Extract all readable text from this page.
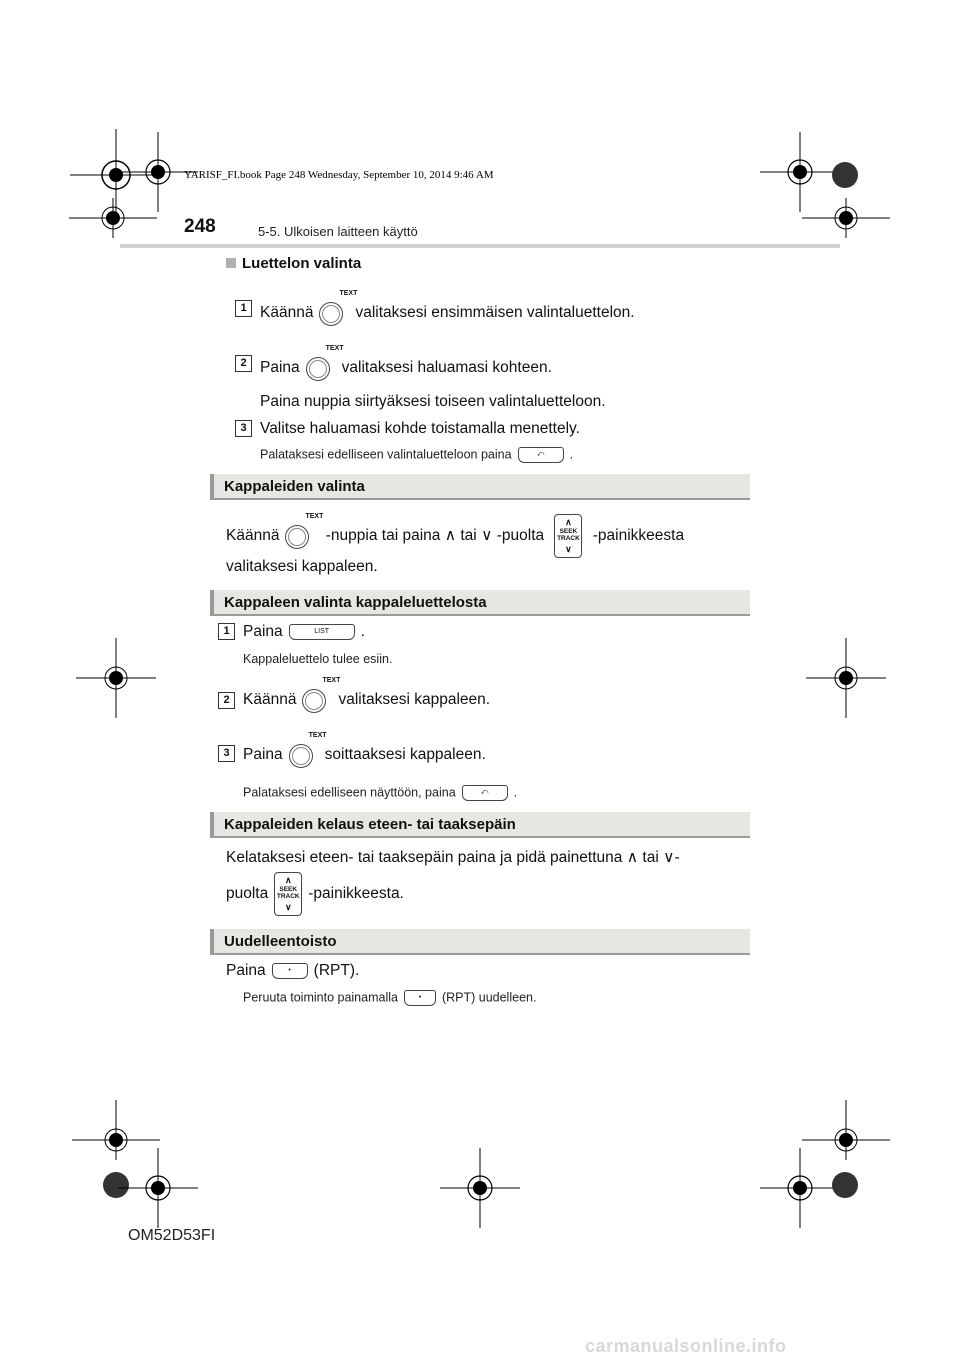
YARISF_FI.book Page 248 Wednesday, September 10, 2014 9:46 AM
248	5-5. Ulkoisen laitteen käyttö
Luettelon valinta
1 Käännä
TEXT
valitaksesi ensimmäisen valintaluettelon.
2 Paina
TEXT
valitaksesi haluamasi kohteen.
Paina nuppia siirtyäksesi toiseen valintaluetteloon.
3 Valitse haluamasi kohde toistamalla menettely.
Palataksesi edelliseen valintaluetteloon paina	⤺ .
Kappaleiden valinta
Käännä
TEXT
-nuppia tai paina ∧ tai ∨ -puolta
∧
SEEK
TRACK
∨
-painikkeesta
valitaksesi kappaleen.
Kappaleen valinta kappaleluettelosta
1 Paina	LIST .
Kappaleluettelo tulee esiin.
2 Käännä
TEXT
valitaksesi kappaleen.
3 Paina
TEXT
soittaaksesi kappaleen.
Palataksesi edelliseen näyttöön, paina	⤺ .
Kappaleiden kelaus eteen- tai taaksepäin
Kelataksesi eteen- tai taaksepäin paina ja pidä painettuna ∧ tai ∨-
puolta
∧
SEEK
TRACK
∨
-painikkeesta.
Uudelleentoisto
Paina	• (RPT).
Peruuta toiminto painamalla	• (RPT) uudelleen.
OM52D53FI
carmanualsonline.info
